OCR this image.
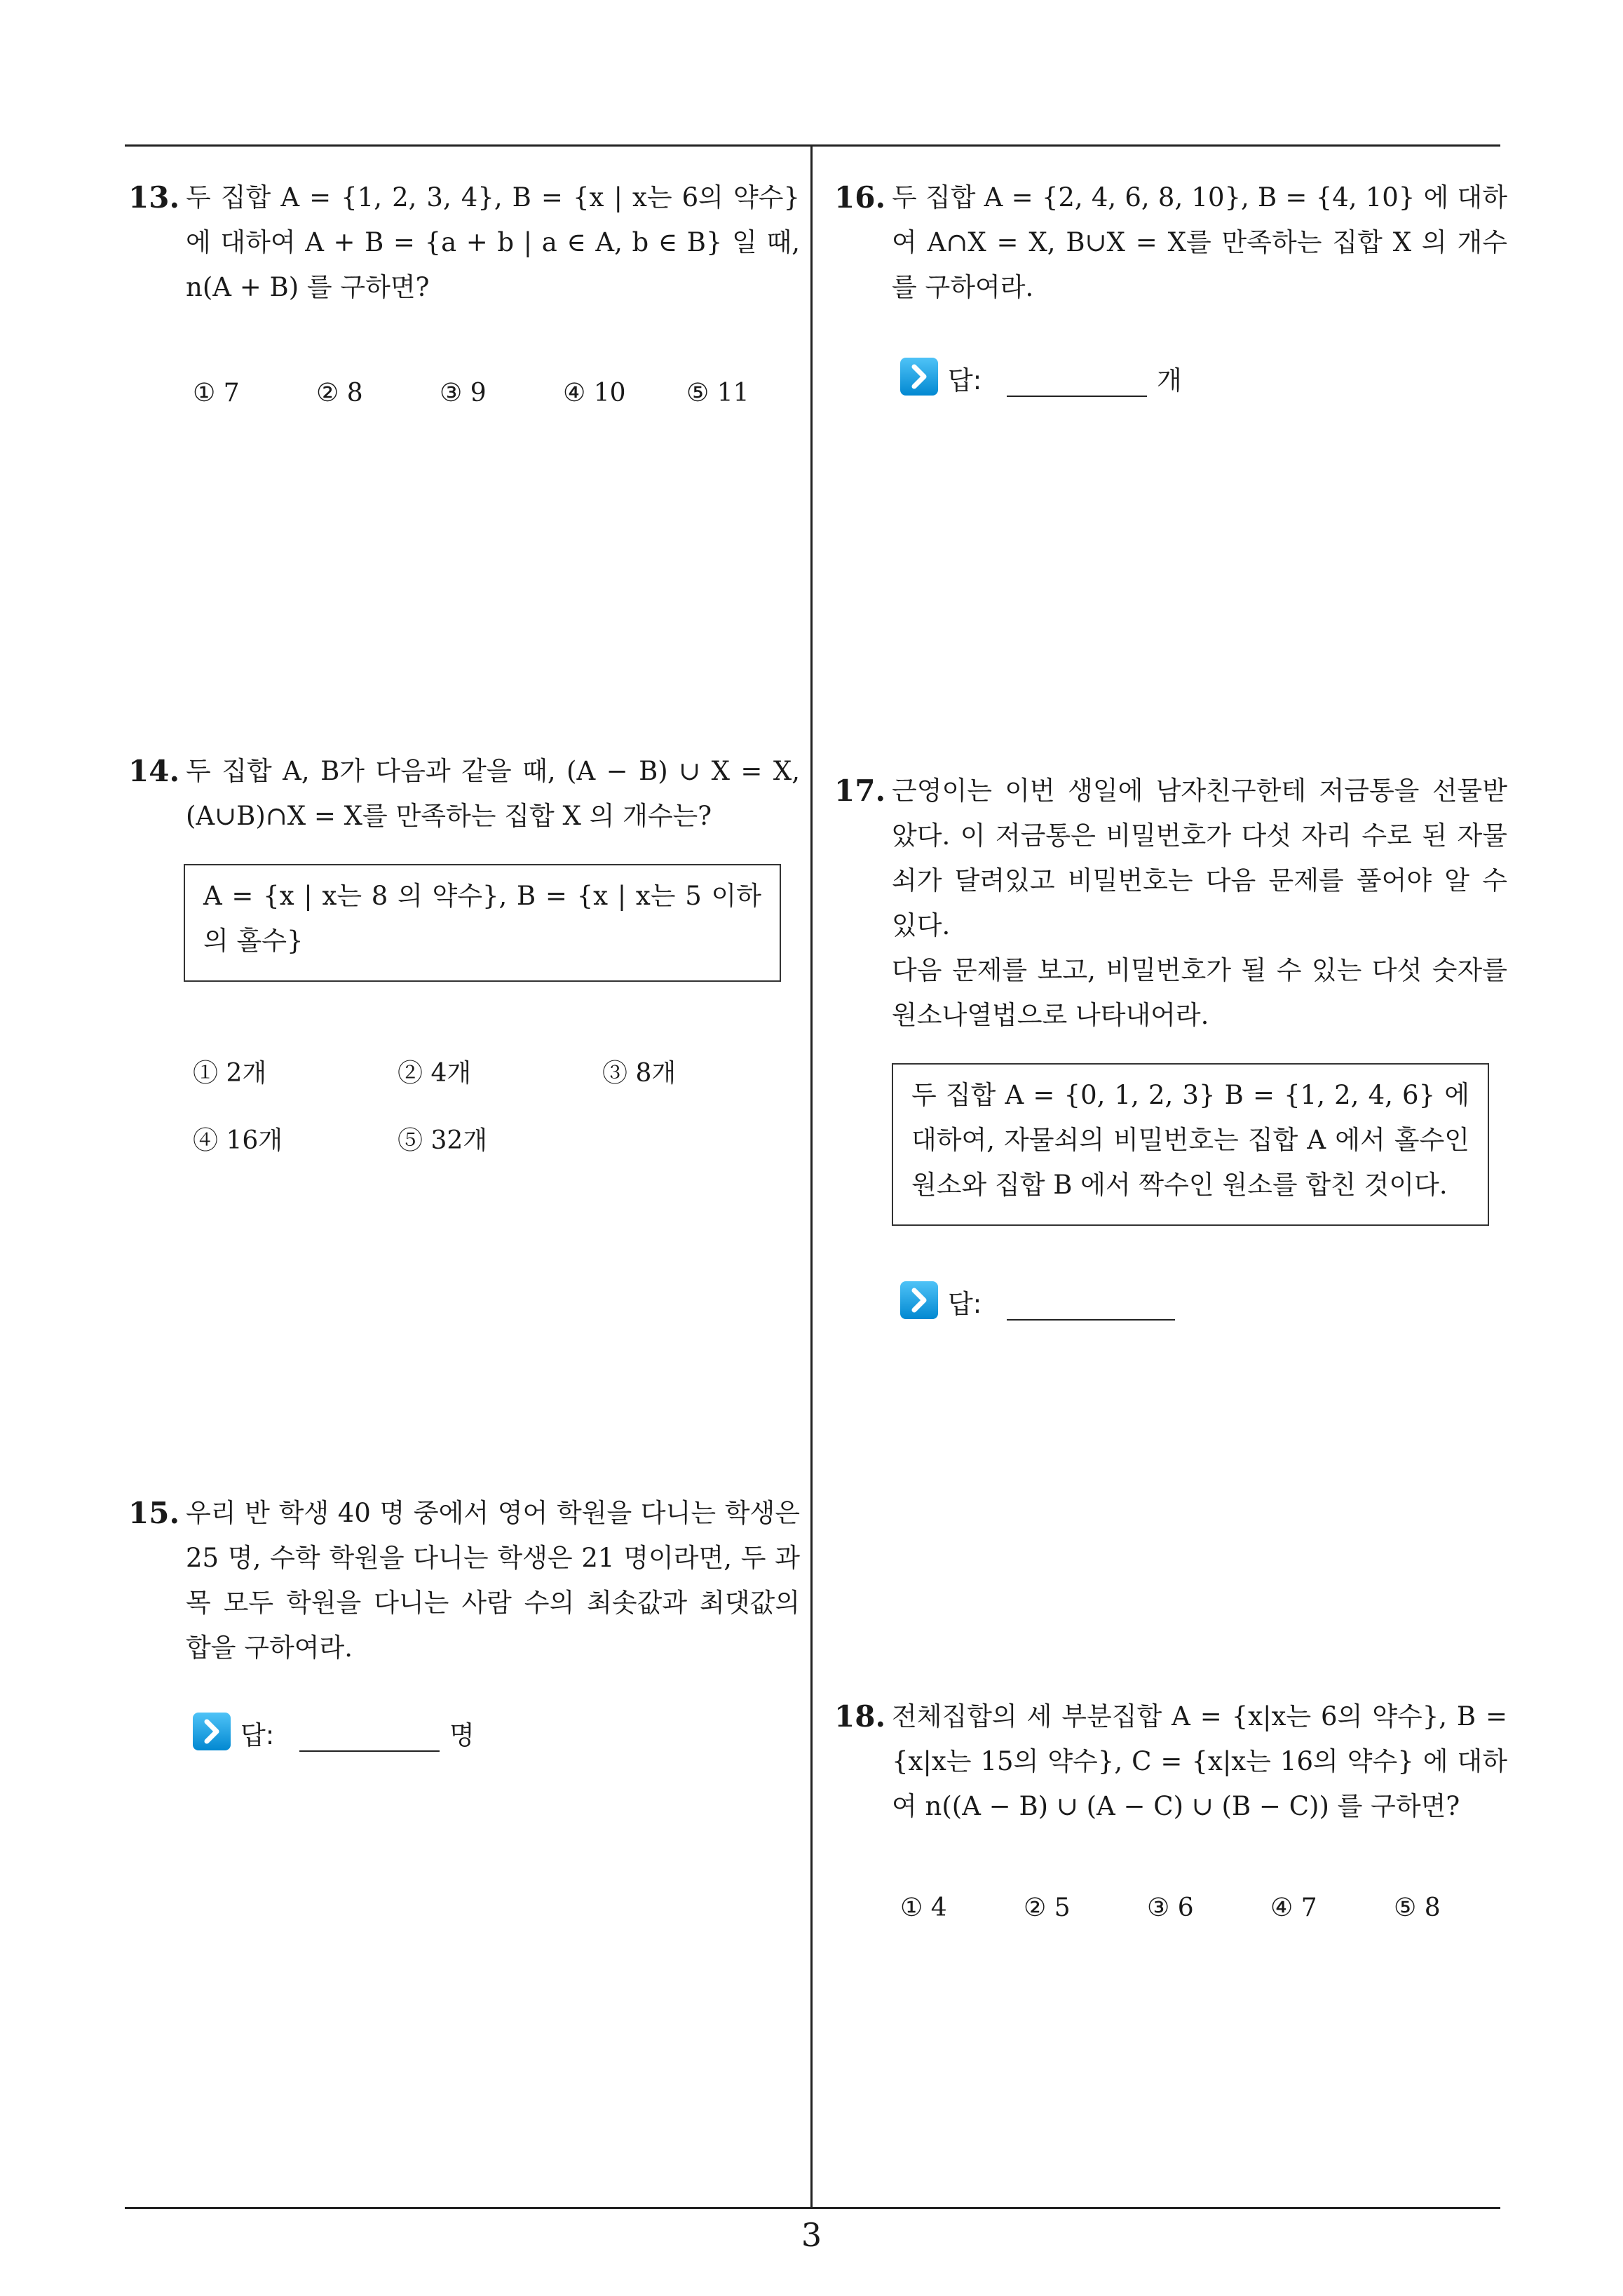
13. 두 집합 A = {1, 2, 3, 4}, B = {x | x는 6의 약수} 에 대하여 A + B = {a + b | a ∈ A, b ∈ B} 일 때, n(A + B) 를 구하면?
① 7	② 8	③ 9	④ 10 ⑤ 11
14. 두 집합 A, B가 다음과 같을 때, (A − B) ∪ X = X, (A∪B)∩X = X를 만족하는 집합 X 의 개수는?
A = {x | x는 8 의 약수}, B = {x | x는 5 이하의 홀수}
① 2개	② 4개	③ 8개
④ 16개	⑤ 32개
15. 우리 반 학생 40 명 중에서 영어 학원을 다니는 학생은 25 명, 수학 학원을 다니는 학생은 21 명이라면, 두 과목 모두 학원을 다니는 사람 수의 최솟값과 최댓값의 합을 구하여라.
답:	명
16. 두 집합 A = {2, 4, 6, 8, 10}, B = {4, 10} 에 대하여 A∩X = X, B∪X = X를 만족하는 집합 X 의 개수를 구하여라.
답:	개
17. 근영이는 이번 생일에 남자친구한테 저금통을 선물받았다. 이 저금통은 비밀번호가 다섯 자리 수로 된 자물쇠가 달려있고 비밀번호는 다음 문제를 풀어야 알 수 있다.
다음 문제를 보고, 비밀번호가 될 수 있는 다섯 숫자를 원소나열법으로 나타내어라.
두 집합 A = {0, 1, 2, 3} B = {1, 2, 4, 6} 에 대하여, 자물쇠의 비밀번호는 집합 A 에서 홀수인 원소와 집합 B 에서 짝수인 원소를 합친 것이다.
답:
18. 전체집합의 세 부분집합 A = {x|x는 6의 약수}, B = {x|x는 15의 약수}, C = {x|x는 16의 약수} 에 대하여 n((A − B) ∪ (A − C) ∪ (B − C)) 를 구하면?
① 4	② 5	③ 6	④ 7	⑤ 8
3
